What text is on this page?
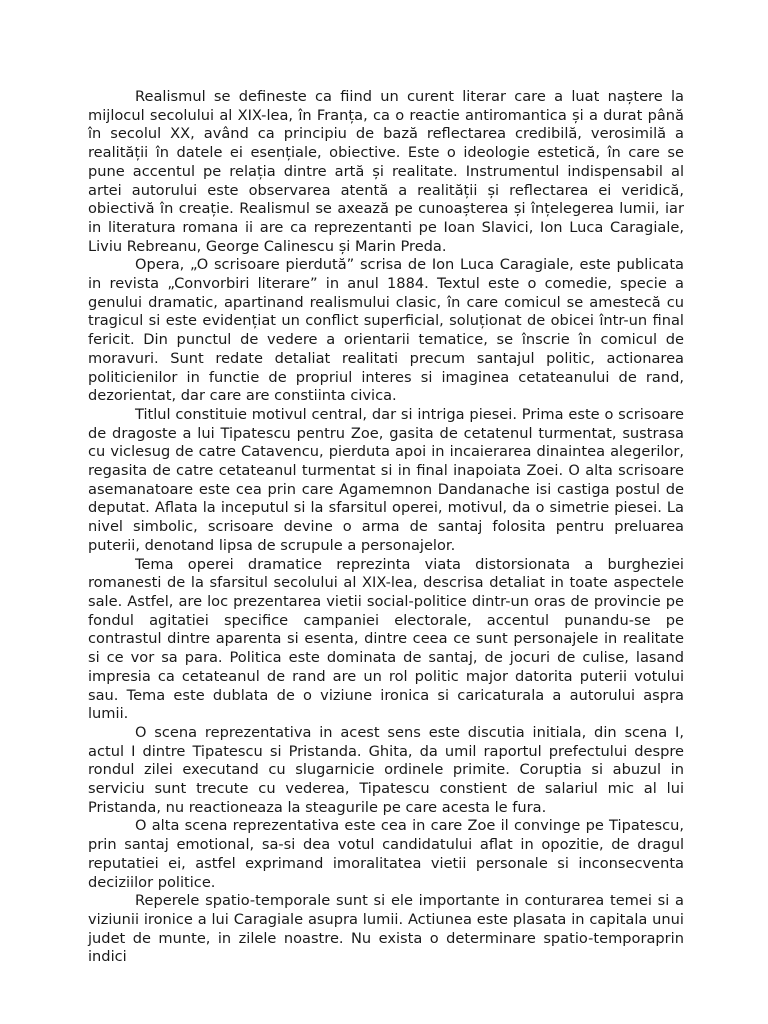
Realismul se defineste ca fiind un curent literar care a luat naștere la mijlocul secolului al XIX-lea, în Franța, ca o reactie antiromantica și a durat până în secolul XX, având ca principiu de bază reflectarea credibilă, verosimilă a realității în datele ei esențiale, obiective. Este o ideologie estetică, în care se pune accentul pe relația dintre artă și realitate. Instrumentul indispensabil al artei autorului este observarea atentă a realității și reflectarea ei veridică, obiectivă în creație. Realismul se axează pe cunoașterea și înțelegerea lumii, iar in literatura romana ii are ca reprezentanti pe Ioan Slavici, Ion Luca Caragiale, Liviu Rebreanu, George Calinescu și Marin Preda.

Opera, „O scrisoare pierdută” scrisa de Ion Luca Caragiale, este publicata in revista „Convorbiri literare” in anul 1884. Textul este o comedie, specie a genului dramatic, apartinand realismului clasic, în care comicul se amestecă cu tragicul si este evidențiat un conflict superficial, soluționat de obicei într-un final fericit. Din punctul de vedere a orientarii tematice, se înscrie în comicul de moravuri. Sunt redate detaliat realitati precum santajul politic, actionarea politicienilor in functie de propriul interes si imaginea cetateanului de rand, dezorientat, dar care are constiinta civica.

Titlul constituie motivul central, dar si intriga piesei. Prima este o scrisoare de dragoste a lui Tipatescu pentru Zoe, gasita de cetatenul turmentat, sustrasa cu viclesug de catre Catavencu, pierduta apoi in incaierarea dinaintea alegerilor, regasita de catre cetateanul turmentat si in final inapoiata Zoei. O alta scrisoare asemanatoare este cea prin care Agamemnon Dandanache isi castiga postul de deputat. Aflata la inceputul si la sfarsitul operei, motivul, da o simetrie piesei. La nivel simbolic, scrisoare devine o arma de santaj folosita pentru preluarea puterii, denotand lipsa de scrupule a personajelor.

Tema operei dramatice reprezinta viata distorsionata a burgheziei romanesti de la sfarsitul secolului al XIX-lea, descrisa detaliat in toate aspectele sale. Astfel, are loc prezentarea vietii social-politice dintr-un oras de provincie pe fondul agitatiei specifice campaniei electorale, accentul punandu-se pe contrastul dintre aparenta si esenta, dintre ceea ce sunt personajele in realitate si ce vor sa para. Politica este dominata de santaj, de jocuri de culise, lasand impresia ca cetateanul de rand are un rol politic major datorita puterii votului sau. Tema este dublata de o viziune ironica si caricaturala a autorului aspra lumii.

O scena reprezentativa in acest sens este discutia initiala, din scena I, actul I dintre Tipatescu si Pristanda. Ghita, da umil raportul prefectului despre rondul zilei executand cu slugarnicie ordinele primite. Coruptia si abuzul in serviciu sunt trecute cu vederea, Tipatescu constient de salariul mic al lui Pristanda, nu reactioneaza la steagurile pe care acesta le fura.

O alta scena reprezentativa este cea in care Zoe il convinge pe Tipatescu, prin santaj emotional, sa-si dea votul candidatului aflat in opozitie, de dragul reputatiei ei, astfel exprimand imoralitatea vietii personale si inconsecventa deciziilor politice.

Reperele spatio-temporale sunt si ele importante in conturarea temei si a viziunii ironice a lui Caragiale asupra lumii. Actiunea este plasata in capitala unui judet de munte, in zilele noastre. Nu exista o determinare spatio-temporaprin indici
